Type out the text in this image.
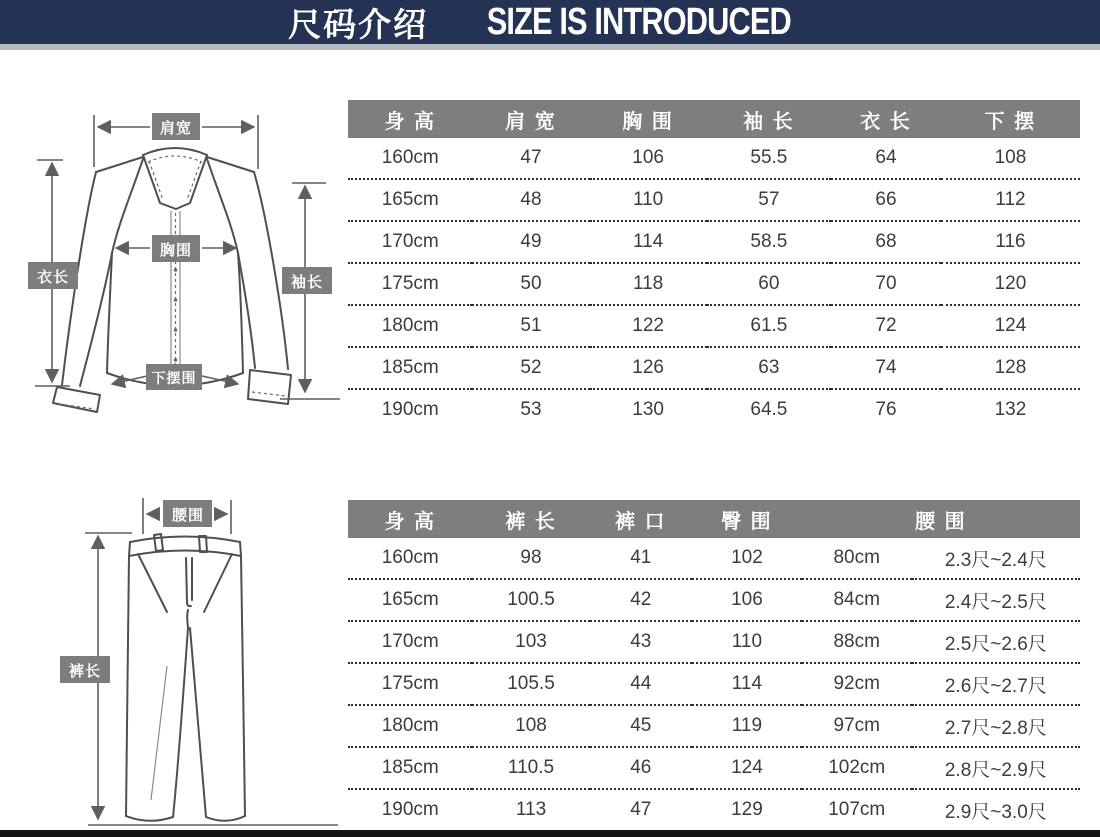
尺码介绍 SIZE IS INTRODUCED
肩宽
胸围
衣长	袖长
下摆围
腰围
裤长
身 高	肩 宽	胸 围	袖 长	衣 长	下 摆
160cm	47	106	55.5	64	108
165cm	48	110	57	66	112
170cm	49	114	58.5	68	116
175cm	50	118	60	70	120
180cm	51	122	61.5	72	124
185cm	52	126	63	74	128
190cm	53	130	64.5	76	132
身 高	裤 长	裤 口	臀 围	腰 围	
160cm	98	41	102	80cm	2.3尺~2.4尺
165cm	100.5	42	106	84cm	2.4尺~2.5尺
170cm	103	43	110	88cm	2.5尺~2.6尺
175cm	105.5	44	114	92cm	2.6尺~2.7尺
180cm	108	45	119	97cm	2.7尺~2.8尺
185cm	110.5	46	124	102cm	2.8尺~2.9尺
190cm	113	47	129	107cm	2.9尺~3.0尺
